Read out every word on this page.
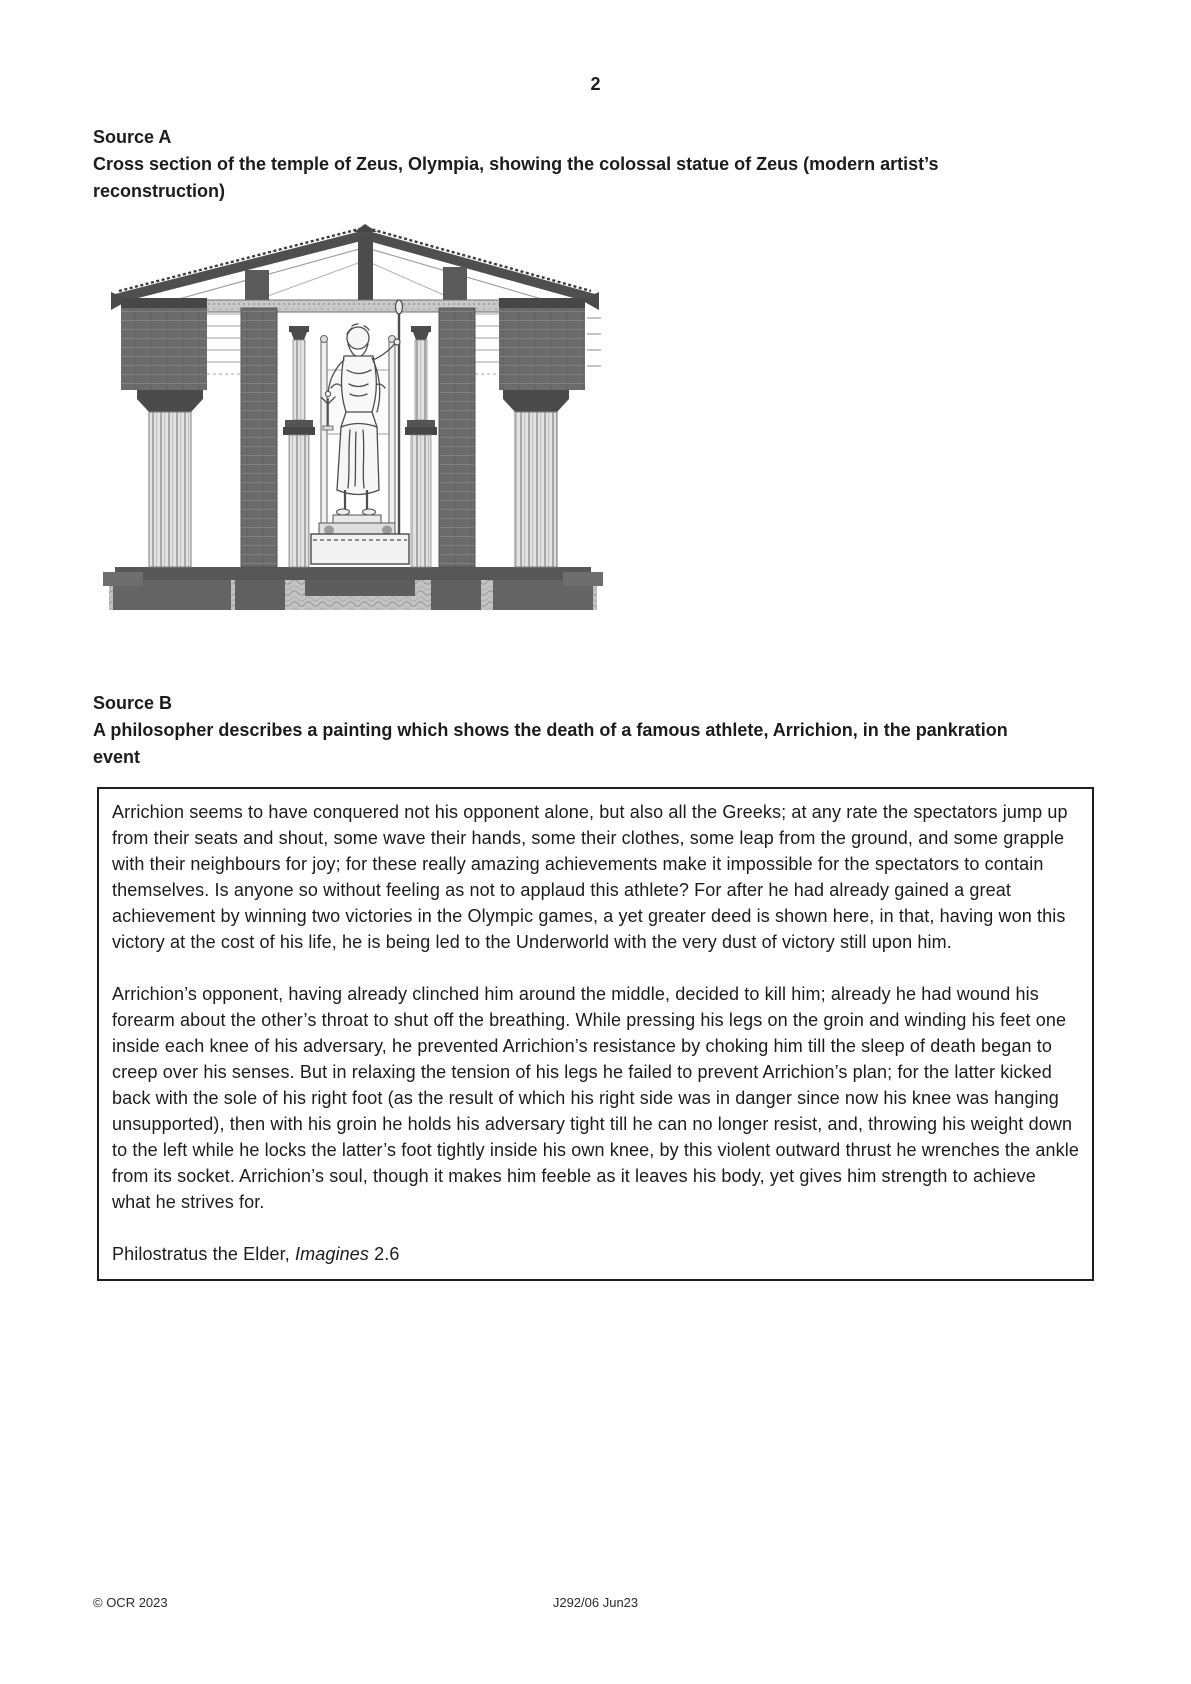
2
Source A
Cross section of the temple of Zeus, Olympia, showing the colossal statue of Zeus (modern artist’s reconstruction)
Source B
A philosopher describes a painting which shows the death of a famous athlete, Arrichion, in the pankration event

Arrichion seems to have conquered not his opponent alone, but also all the Greeks; at any rate the spectators jump up from their seats and shout, some wave their hands, some their clothes, some leap from the ground, and some grapple with their neighbours for joy; for these really amazing achievements make it impossible for the spectators to contain themselves. Is anyone so without feeling as not to applaud this athlete? For after he had already gained a great achievement by winning two victories in the Olympic games, a yet greater deed is shown here, in that, having won this victory at the cost of his life, he is being led to the Underworld with the very dust of victory still upon him.

Arrichion’s opponent, having already clinched him around the middle, decided to kill him; already he had wound his forearm about the other’s throat to shut off the breathing. While pressing his legs on the groin and winding his feet one inside each knee of his adversary, he prevented Arrichion’s resistance by choking him till the sleep of death began to creep over his senses. But in relaxing the tension of his legs he failed to prevent Arrichion’s plan; for the latter kicked back with the sole of his right foot (as the result of which his right side was in danger since now his knee was hanging unsupported), then with his groin he holds his adversary tight till he can no longer resist, and, throwing his weight down to the left while he locks the latter’s foot tightly inside his own knee, by this violent outward thrust he wrenches the ankle from its socket. Arrichion’s soul, though it makes him feeble as it leaves his body, yet gives him strength to achieve what he strives for.

Philostratus the Elder, Imagines 2.6
© OCR 2023	J292/06 Jun23
